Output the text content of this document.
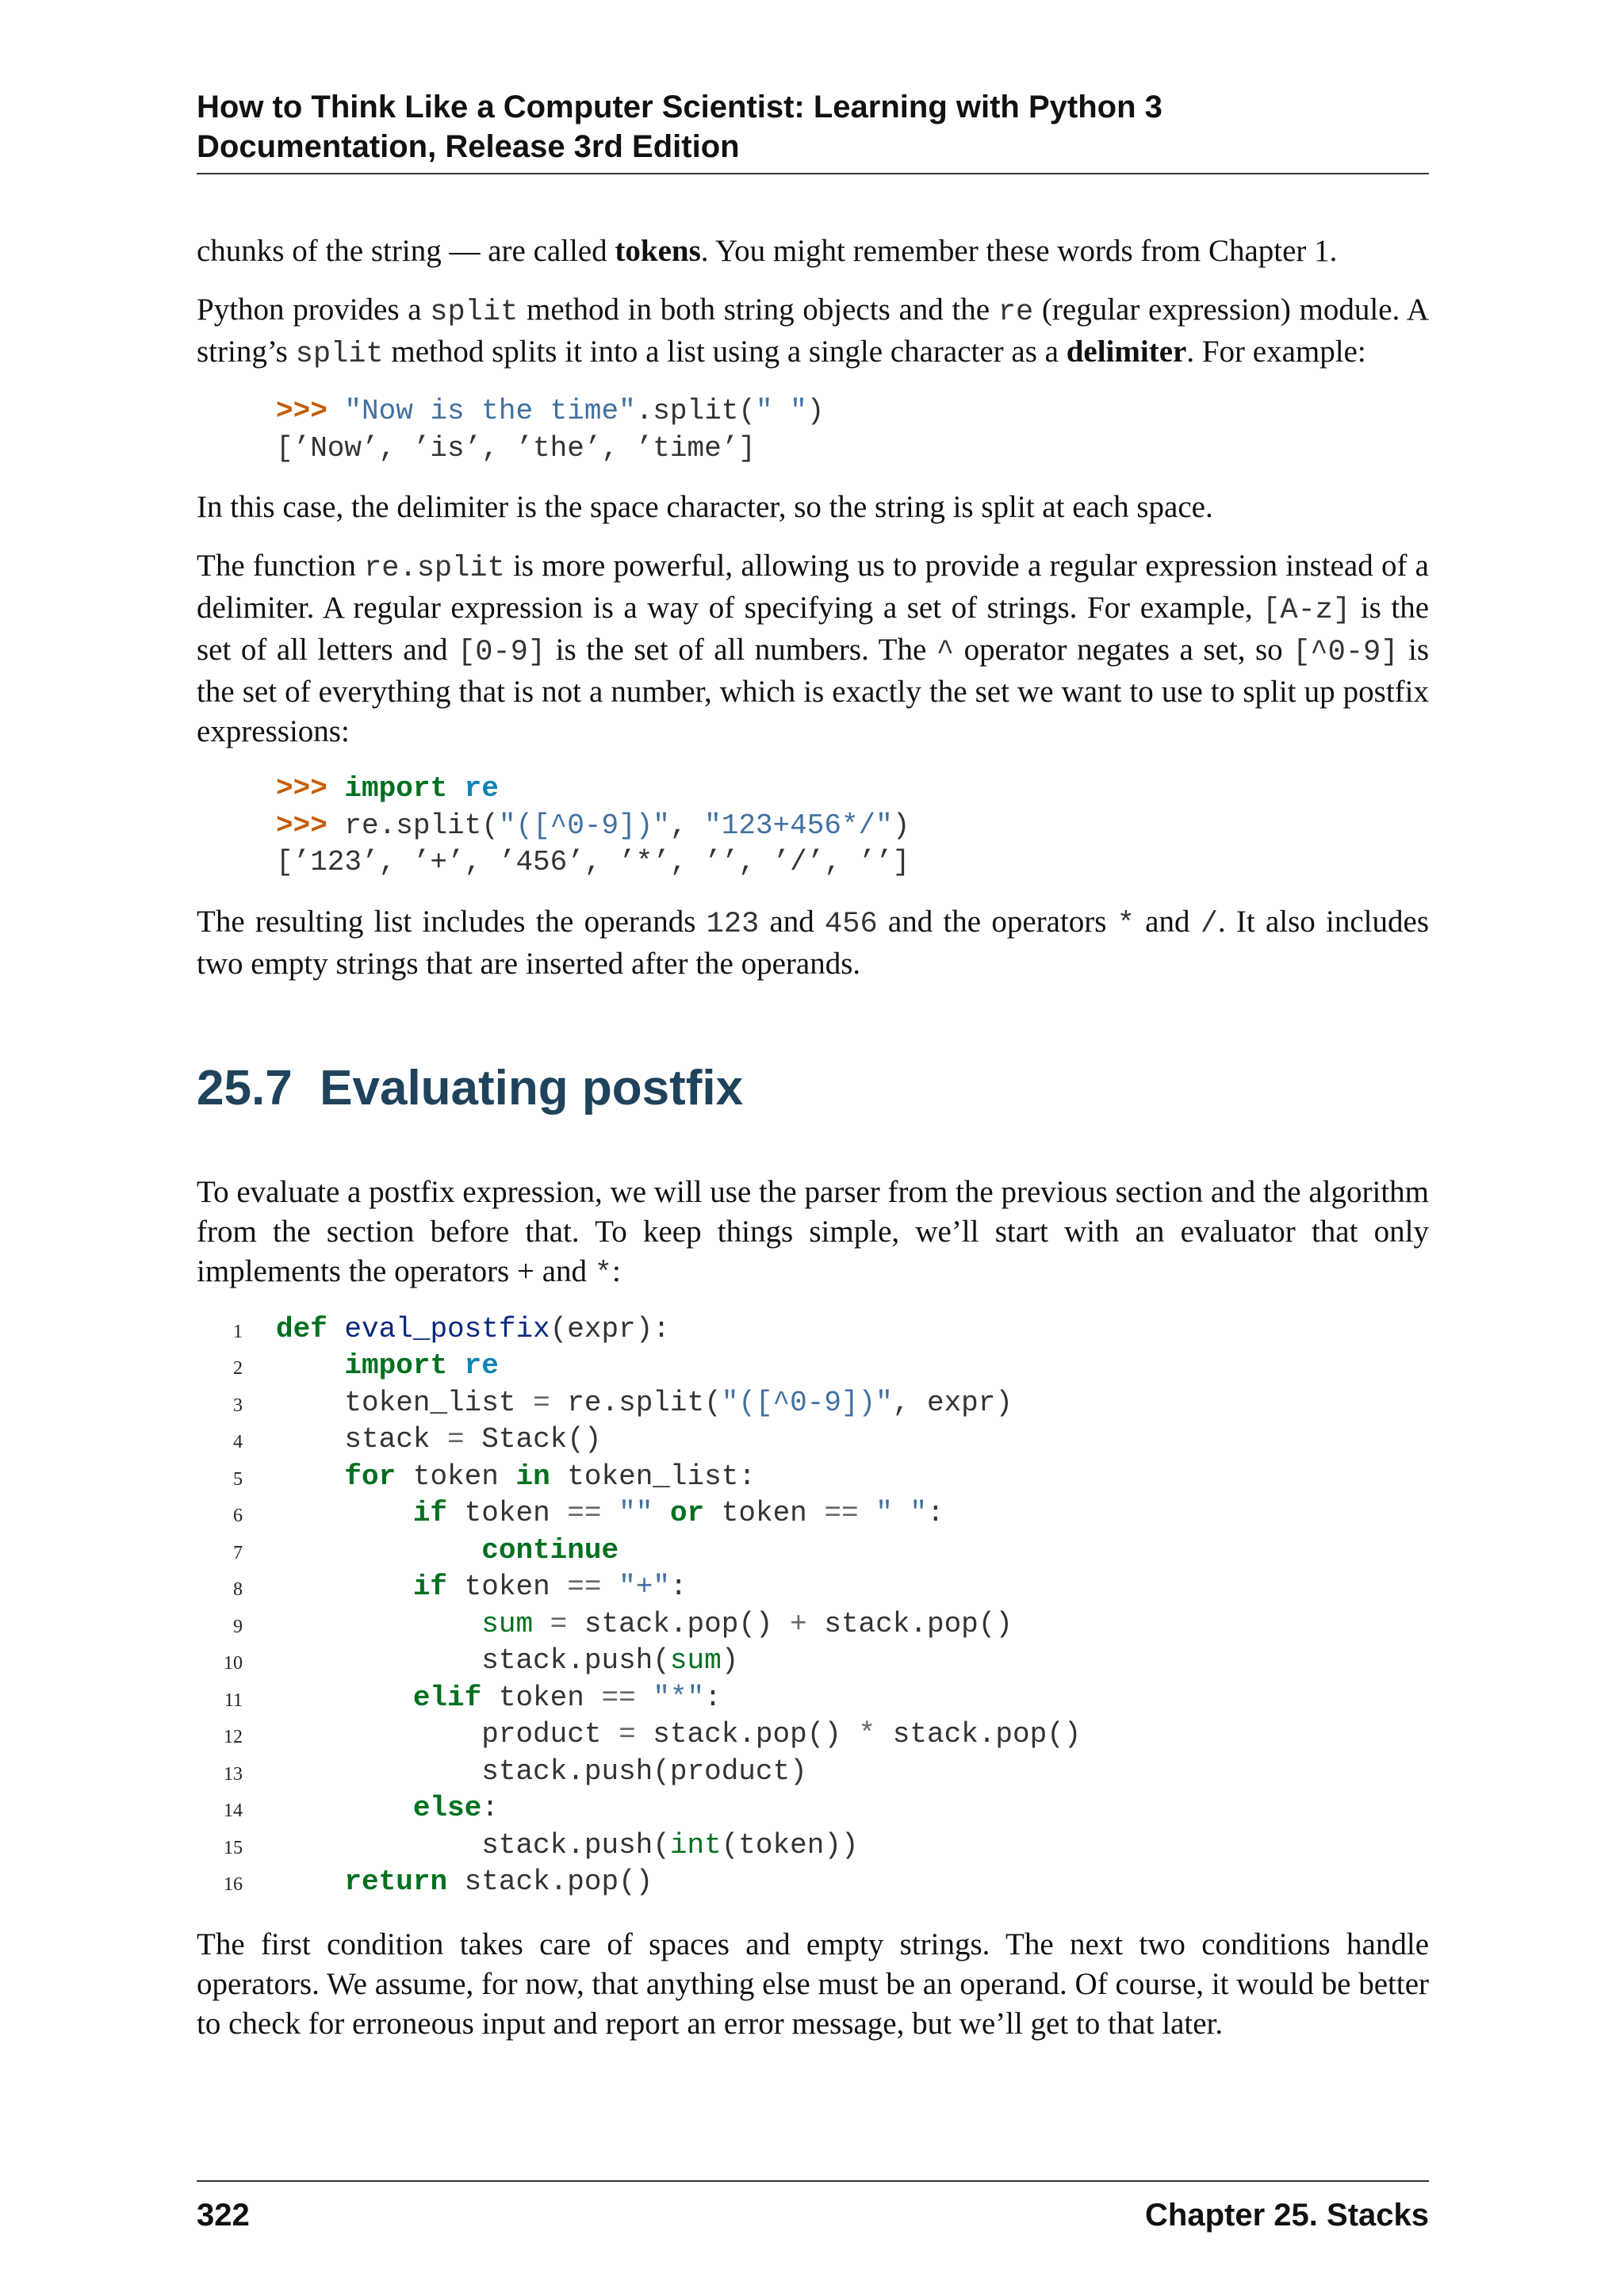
How to Think Like a Computer Scientist: Learning with Python 3
Documentation, Release 3rd Edition

chunks of the string — are called tokens. You might remember these words from Chapter 1.

Python provides a split method in both string objects and the re (regular expression) module. A string’s split method splits it into a list using a single character as a delimiter. For example:

>>> "Now is the time".split(" ")
[’Now’, ’is’, ’the’, ’time’]

In this case, the delimiter is the space character, so the string is split at each space.

The function re.split is more powerful, allowing us to provide a regular expression instead of a delimiter. A regular expression is a way of specifying a set of strings. For example, [A-z] is the set of all letters and [0-9] is the set of all numbers. The ^ operator negates a set, so [^0-9] is the set of everything that is not a number, which is exactly the set we want to use to split up postfix expressions:

>>> import re
>>> re.split("([^0-9])", "123+456*/")
[’123’, ’+’, ’456’, ’*’, ’’, ’/’, ’’]

The resulting list includes the operands 123 and 456 and the operators * and /. It also includes two empty strings that are inserted after the operands.

25.7 Evaluating postfix

To evaluate a postfix expression, we will use the parser from the previous section and the algorithm from the section before that. To keep things simple, we’ll start with an evaluator that only implements the operators + and *:

1
2
3
4
5
6
7
8
9
10
11
12
13
14
15
16
def eval_postfix(expr):
import re
token_list = re.split("([^0-9])", expr)
stack = Stack()
for token in token_list:
if token == "" or token == " ":
continue
if token == "+":
sum = stack.pop() + stack.pop()
stack.push(sum)
elif token == "*":
product = stack.pop() * stack.pop()
stack.push(product)
else:
stack.push(int(token))
return stack.pop()

The first condition takes care of spaces and empty strings. The next two conditions handle operators. We assume, for now, that anything else must be an operand. Of course, it would be better to check for erroneous input and report an error message, but we’ll get to that later.

322	Chapter 25. Stacks
